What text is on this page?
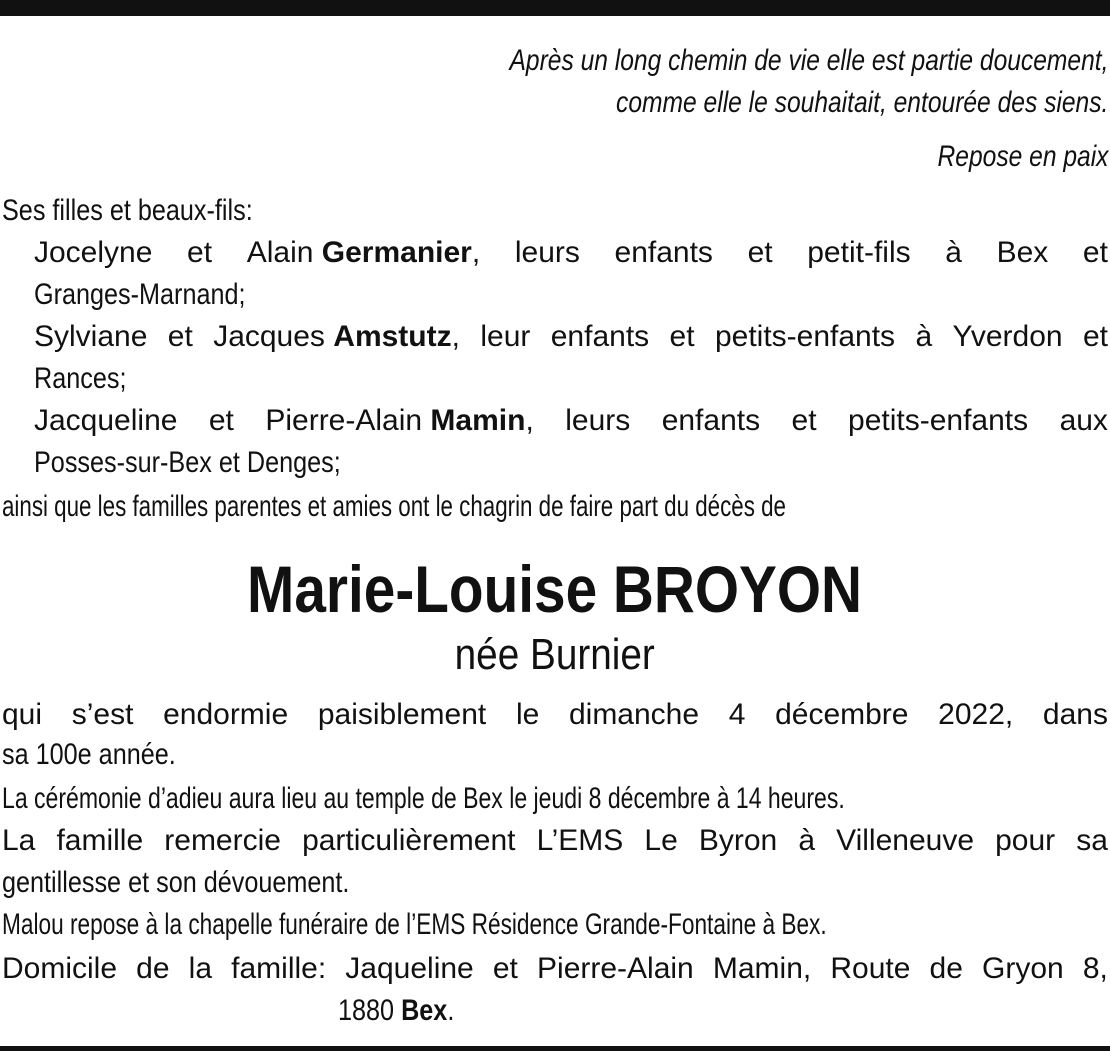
Après un long chemin de vie elle est partie doucement,
comme elle le souhaitait, entourée des siens.
Repose en paix
Ses filles et beaux-fils:
Jocelyne et Alain Germanier, leurs enfants et petit-fils à Bex et
Granges-Marnand;
Sylviane et Jacques Amstutz, leur enfants et petits-enfants à Yverdon et
Rances;
Jacqueline et Pierre-Alain Mamin, leurs enfants et petits-enfants aux
Posses-sur-Bex et Denges;
ainsi que les familles parentes et amies ont le chagrin de faire part du décès de
Marie-Louise BROYON
née Burnier
qui s’est endormie paisiblement le dimanche 4 décembre 2022, dans
sa 100e année.
La cérémonie d’adieu aura lieu au temple de Bex le jeudi 8 décembre à 14 heures.
La famille remercie particulièrement L’EMS Le Byron à Villeneuve pour sa
gentillesse et son dévouement.
Malou repose à la chapelle funéraire de l’EMS Résidence Grande-Fontaine à Bex.
Domicile de la famille: Jaqueline et Pierre-Alain Mamin, Route de Gryon 8,
1880 Bex.
